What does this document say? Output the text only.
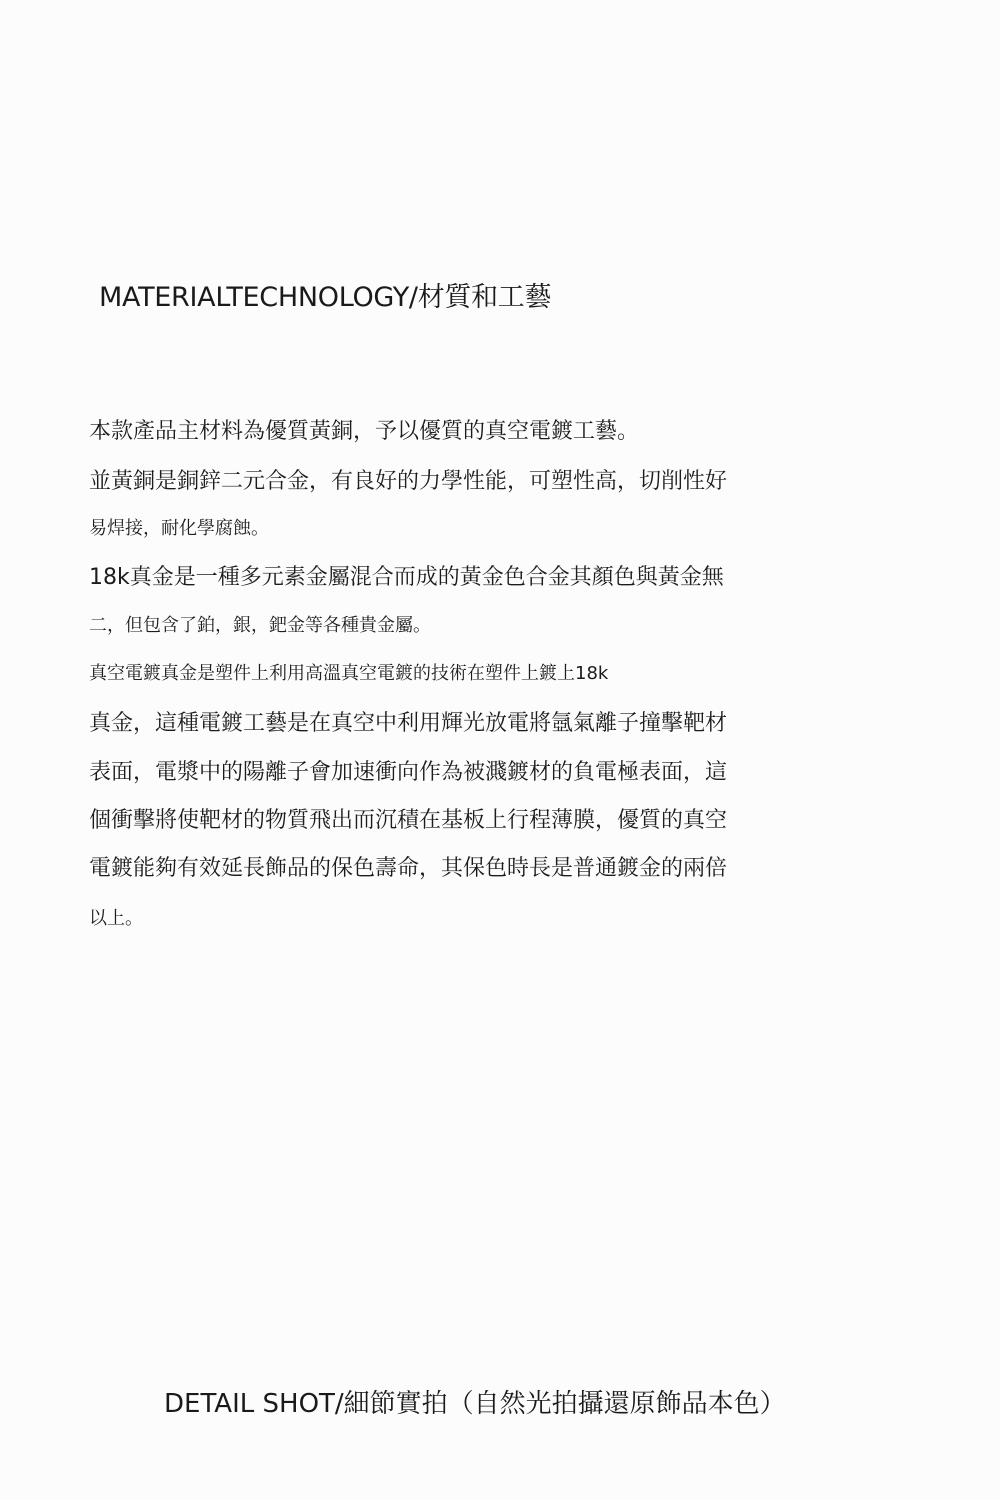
MATERIALTECHNOLOGY/材質和工藝

本款產品主材料為優質黃銅，予以優質的真空電鍍工藝。

並黃銅是銅鋅二元合金，有良好的力學性能，可塑性高，切削性好

易焊接，耐化學腐蝕。

18k真金是一種多元素金屬混合而成的黃金色合金其顏色與黃金無

二，但包含了鉑，銀，鈀金等各種貴金屬。

真空電鍍真金是塑件上利用高溫真空電鍍的技術在塑件上鍍上18k

真金，這種電鍍工藝是在真空中利用輝光放電將氬氣離子撞擊靶材

表面，電漿中的陽離子會加速衝向作為被濺鍍材的負電極表面，這

個衝擊將使靶材的物質飛出而沉積在基板上行程薄膜，優質的真空

電鍍能夠有效延長飾品的保色壽命，其保色時長是普通鍍金的兩倍

以上。

DETAIL SHOT/細節實拍（自然光拍攝還原飾品本色）
